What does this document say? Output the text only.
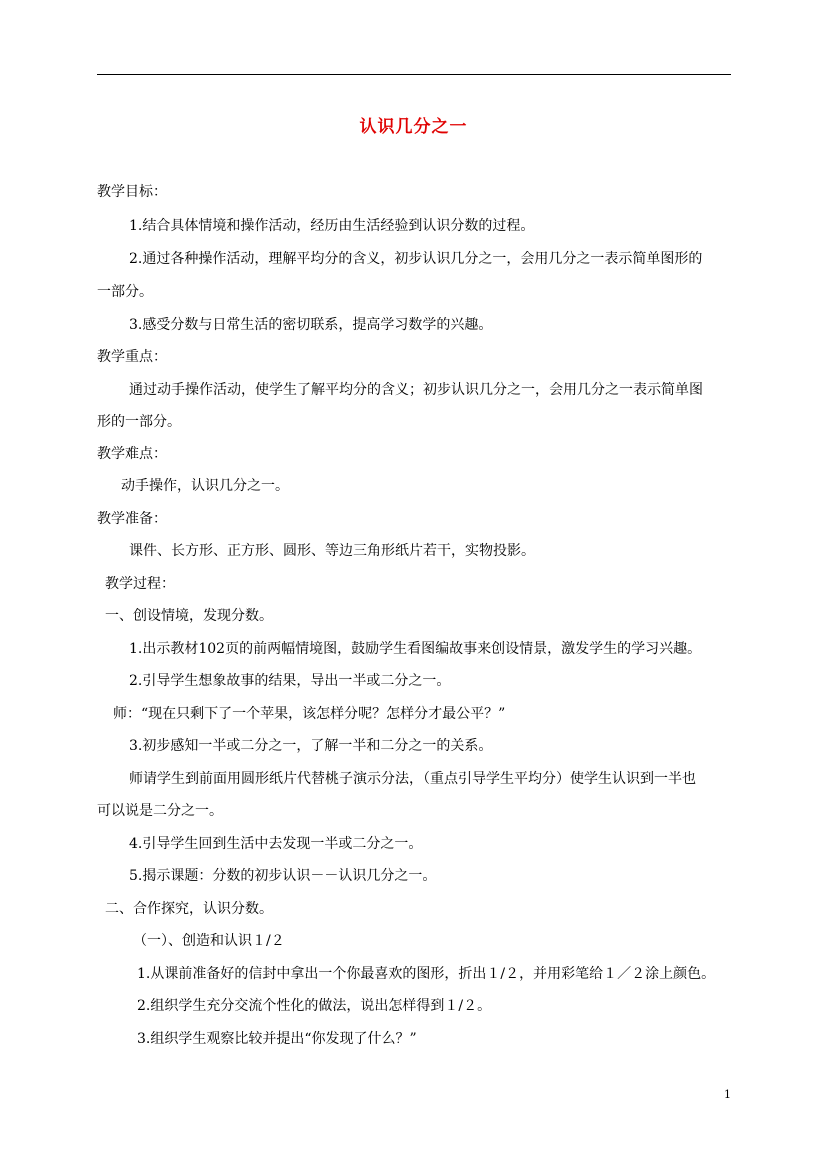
认识几分之一
教学目标：
1.结合具体情境和操作活动，经历由生活经验到认识分数的过程。
2.通过各种操作活动，理解平均分的含义，初步认识几分之一，会用几分之一表示简单图形的
一部分。
3.感受分数与日常生活的密切联系，提高学习数学的兴趣。
教学重点：
通过动手操作活动，使学生了解平均分的含义；初步认识几分之一，会用几分之一表示简单图
形的一部分。
教学难点：
动手操作，认识几分之一。
教学准备：
课件、长方形、正方形、圆形、等边三角形纸片若干，实物投影。
教学过程：
一、创设情境，发现分数。
1.出示教材102页的前两幅情境图，鼓励学生看图编故事来创设情景，激发学生的学习兴趣。
2.引导学生想象故事的结果，导出一半或二分之一。
师：“现在只剩下了一个苹果，该怎样分呢？怎样分才最公平？”
3.初步感知一半或二分之一，了解一半和二分之一的关系。
师请学生到前面用圆形纸片代替桃子演示分法，（重点引导学生平均分）使学生认识到一半也
可以说是二分之一。
4.引导学生回到生活中去发现一半或二分之一。
5.揭示课题：分数的初步认识－－认识几分之一。
二、合作探究，认识分数。
（一）、创造和认识１/２
1.从课前准备好的信封中拿出一个你最喜欢的图形，折出１/２，并用彩笔给１／２涂上颜色。
2.组织学生充分交流个性化的做法，说出怎样得到１/２。
3.组织学生观察比较并提出“你发现了什么？”
1
